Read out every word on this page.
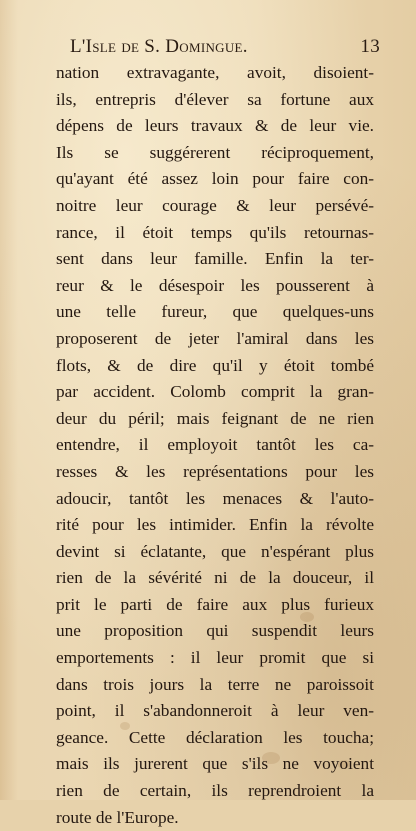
L'Isle de S. Domingue.	13
nation extravagante, avoit, disoient-
ils, entrepris d'élever sa fortune aux
dépens de leurs travaux & de leur vie.
Ils se suggérerent réciproquement,
qu'ayant été assez loin pour faire con-
noitre leur courage & leur persévé-
rance, il étoit temps qu'ils retournas-
sent dans leur famille. Enfin la ter-
reur & le désespoir les pousserent à
une telle fureur, que quelques-uns
proposerent de jeter l'amiral dans les
flots, & de dire qu'il y étoit tombé
par accident. Colomb comprit la gran-
deur du péril; mais feignant de ne rien
entendre, il employoit tantôt les ca-
resses & les représentations pour les
adoucir, tantôt les menaces & l'auto-
rité pour les intimider. Enfin la révolte
devint si éclatante, que n'espérant plus
rien de la sévérité ni de la douceur, il
prit le parti de faire aux plus furieux
une proposition qui suspendit leurs
emportements : il leur promit que si
dans trois jours la terre ne paroissoit
point, il s'abandonneroit à leur ven-
geance. Cette déclaration les toucha;
mais ils jurerent que s'ils ne voyoient
rien de certain, ils reprendroient la
route de l'Europe.
